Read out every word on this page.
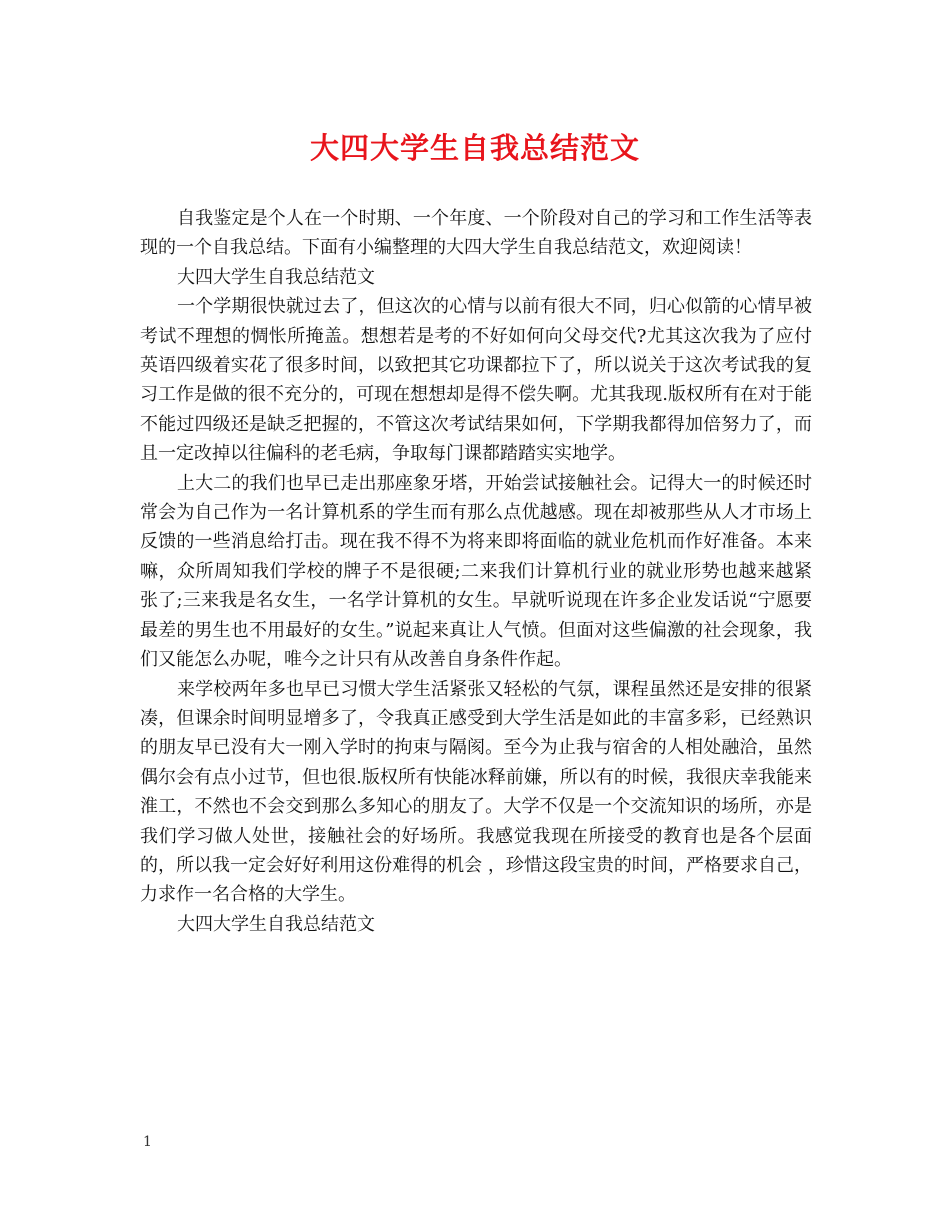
大四大学生自我总结范文

自我鉴定是个人在一个时期、一个年度、一个阶段对自己的学习和工作生活等表现的一个自我总结。下面有小编整理的大四大学生自我总结范文，欢迎阅读！

大四大学生自我总结范文

一个学期很快就过去了，但这次的心情与以前有很大不同，归心似箭的心情早被考试不理想的惆怅所掩盖。想想若是考的不好如何向父母交代?尤其这次我为了应付英语四级着实花了很多时间，以致把其它功课都拉下了，所以说关于这次考试我的复习工作是做的很不充分的，可现在想想却是得不偿失啊。尤其我现.版权所有在对于能不能过四级还是缺乏把握的，不管这次考试结果如何，下学期我都得加倍努力了，而且一定改掉以往偏科的老毛病，争取每门课都踏踏实实地学。

上大二的我们也早已走出那座象牙塔，开始尝试接触社会。记得大一的时候还时常会为自己作为一名计算机系的学生而有那么点优越感。现在却被那些从人才市场上反馈的一些消息给打击。现在我不得不为将来即将面临的就业危机而作好准备。本来嘛，众所周知我们学校的牌子不是很硬;二来我们计算机行业的就业形势也越来越紧张了;三来我是名女生，一名学计算机的女生。早就听说现在许多企业发话说“宁愿要最差的男生也不用最好的女生。”说起来真让人气愤。但面对这些偏激的社会现象，我们又能怎么办呢，唯今之计只有从改善自身条件作起。

来学校两年多也早已习惯大学生活紧张又轻松的气氛，课程虽然还是安排的很紧凑，但课余时间明显增多了，令我真正感受到大学生活是如此的丰富多彩，已经熟识的朋友早已没有大一刚入学时的拘束与隔阂。至今为止我与宿舍的人相处融洽，虽然偶尔会有点小过节，但也很.版权所有快能冰释前嫌，所以有的时候，我很庆幸我能来淮工，不然也不会交到那么多知心的朋友了。大学不仅是一个交流知识的场所，亦是我们学习做人处世，接触社会的好场所。我感觉我现在所接受的教育也是各个层面的，所以我一定会好好利用这份难得的机会 ，珍惜这段宝贵的时间，严格要求自己，力求作一名合格的大学生。

大四大学生自我总结范文

1
